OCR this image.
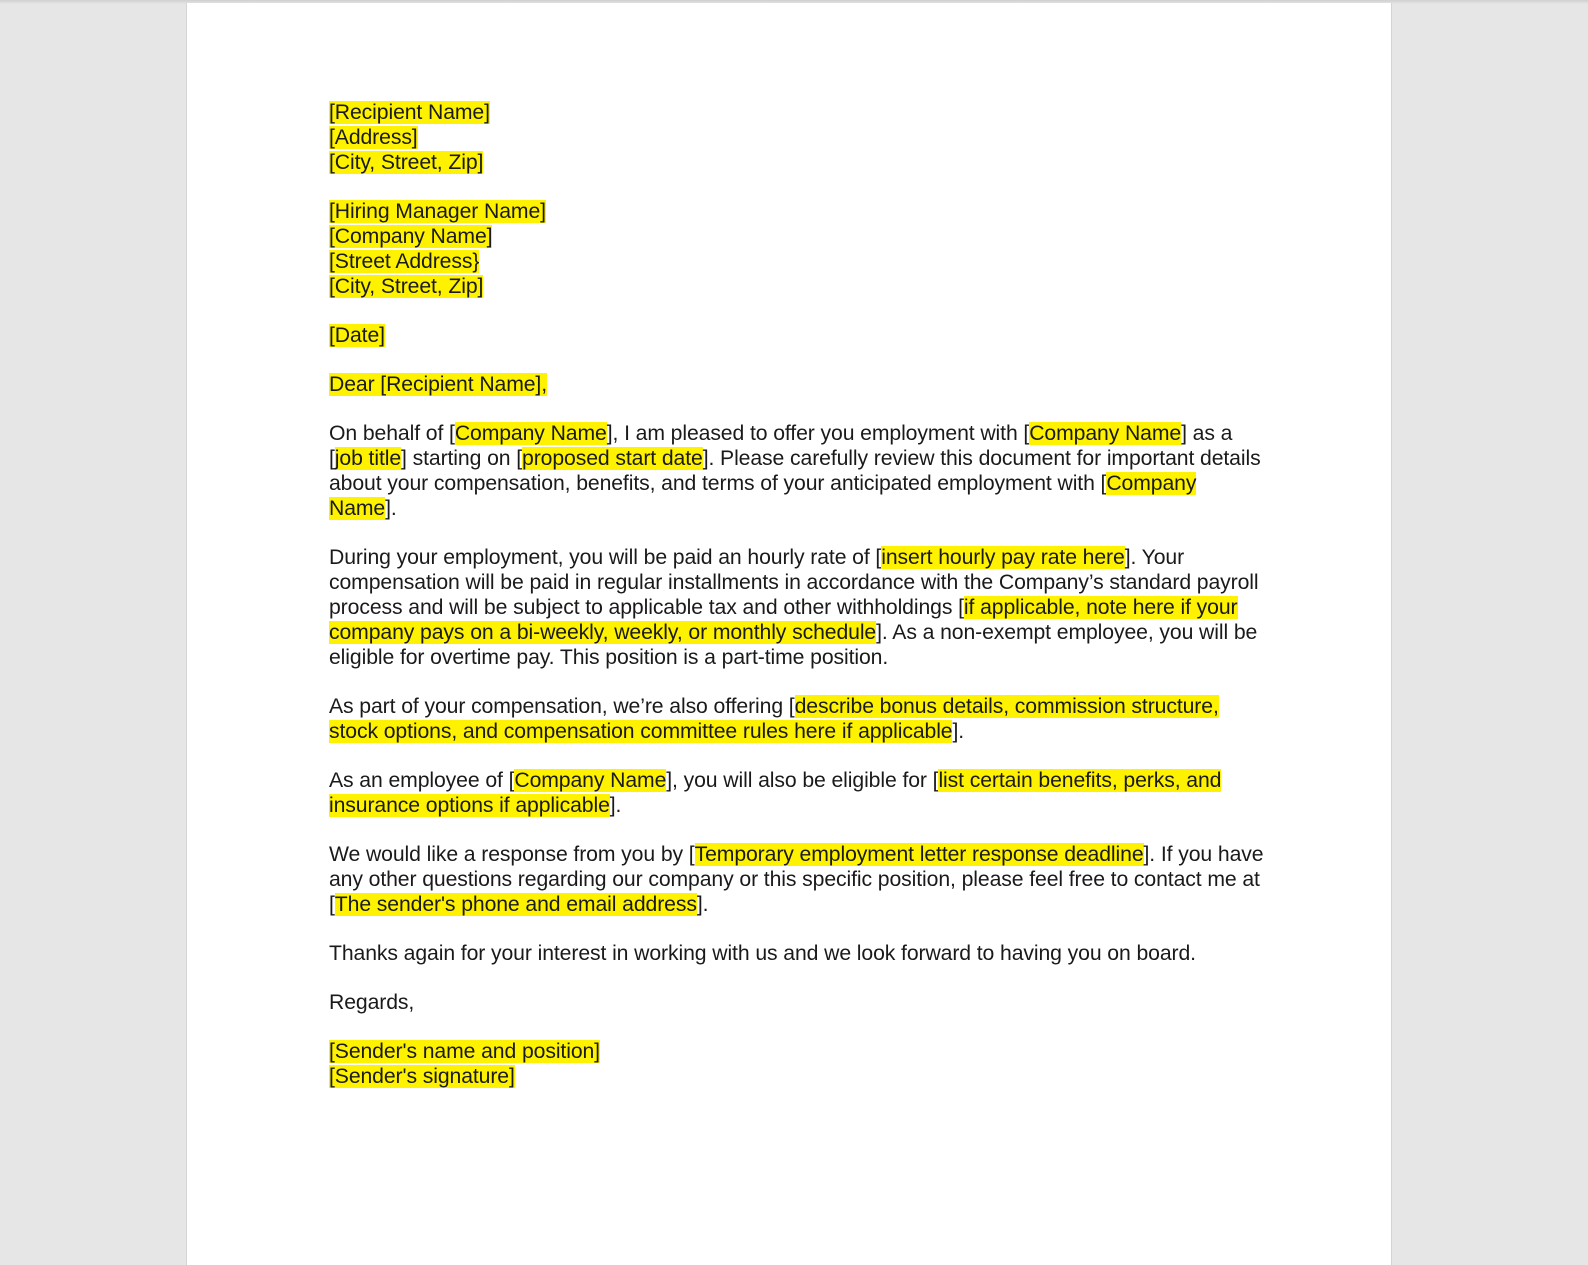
[Recipient Name]
[Address]
[City, Street, Zip]
[Hiring Manager Name]
[Company Name]
[Street Address}
[City, Street, Zip]
[Date]
Dear [Recipient Name],

On behalf of [Company Name], I am pleased to offer you employment with [Company Name] as a [job title] starting on [proposed start date]. Please carefully review this document for important details about your compensation, benefits, and terms of your anticipated employment with [Company Name].

During your employment, you will be paid an hourly rate of [insert hourly pay rate here]. Your compensation will be paid in regular installments in accordance with the Company’s standard payroll process and will be subject to applicable tax and other withholdings [if applicable, note here if your company pays on a bi-weekly, weekly, or monthly schedule]. As a non-exempt employee, you will be eligible for overtime pay. This position is a part-time position.

As part of your compensation, we’re also offering [describe bonus details, commission structure, stock options, and compensation committee rules here if applicable].

As an employee of [Company Name], you will also be eligible for [list certain benefits, perks, and insurance options if applicable].

We would like a response from you by [Temporary employment letter response deadline]. If you have any other questions regarding our company or this specific position, please feel free to contact me at [The sender's phone and email address].

Thanks again for your interest in working with us and we look forward to having you on board.

Regards,

[Sender's name and position]
[Sender's signature]
